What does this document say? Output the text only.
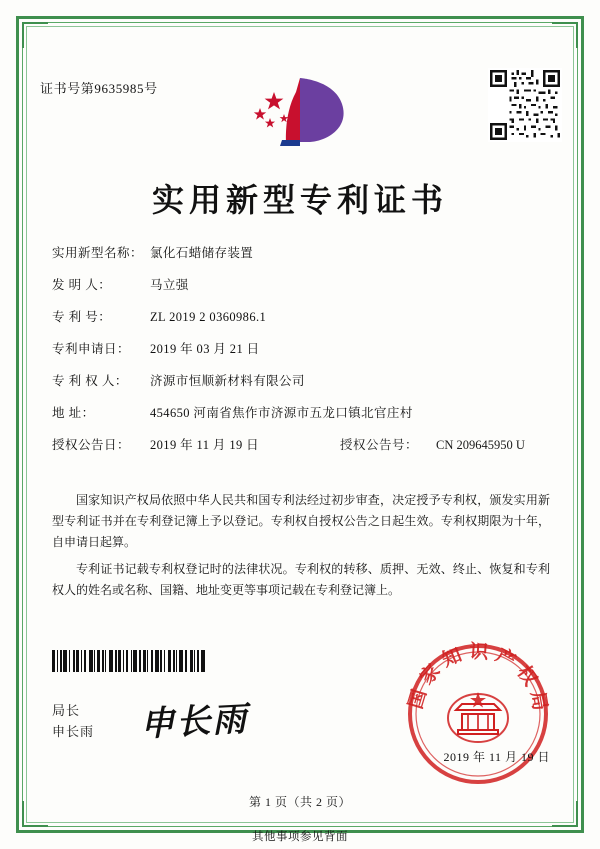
证书号第9635985号
实用新型专利证书
实用新型名称： 氯化石蜡储存装置
发 明 人：	马立强
专 利 号：	ZL 2019 2 0360986.1
专利申请日：	2019 年 03 月 21 日
专 利 权 人：	济源市恒顺新材料有限公司
地 址：	454650 河南省焦作市济源市五龙口镇北官庄村
授权公告日：	2019 年 11 月 19 日	授权公告号：	CN 209645950 U

国家知识产权局依照中华人民共和国专利法经过初步审查，决定授予专利权，颁发实用新型专利证书并在专利登记簿上予以登记。专利权自授权公告之日起生效。专利权期限为十年，自申请日起算。

专利证书记载专利权登记时的法律状况。专利权的转移、质押、无效、终止、恢复和专利权人的姓名或名称、国籍、地址变更等事项记载在专利登记簿上。

局长
申长雨 申长雨
国家知识产权局
2019 年 11 月 19 日
第 1 页（共 2 页）
其他事项参见背面
